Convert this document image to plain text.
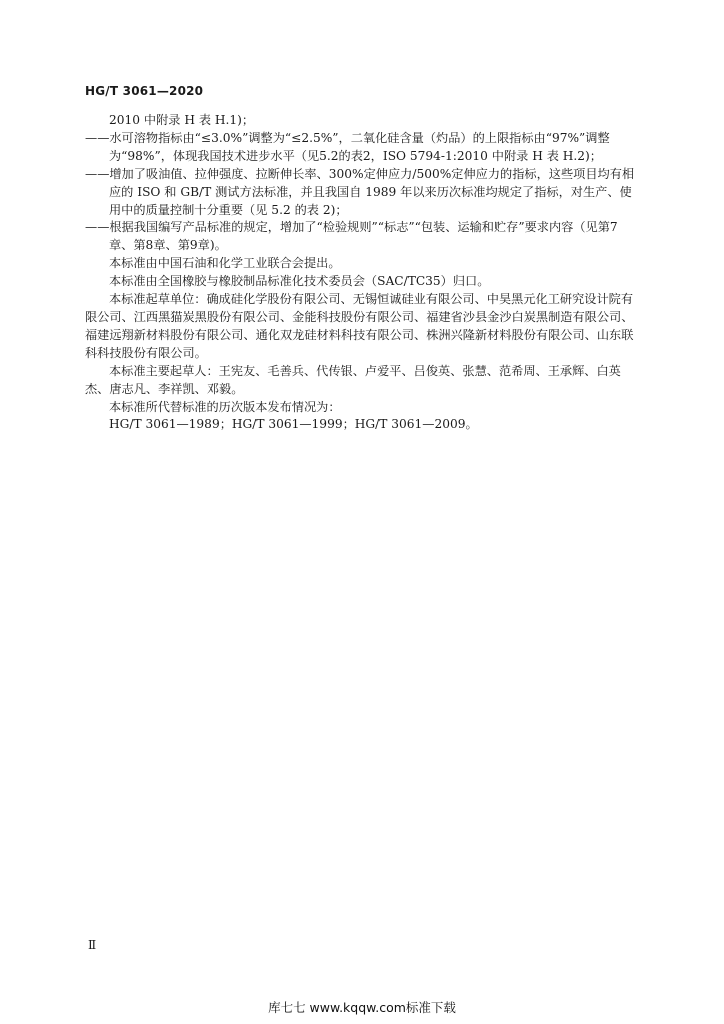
HG/T 3061—2020

2010 中附录 H 表 H.1)；

——水可溶物指标由“≤3.0%”调整为“≤2.5%”，二氧化硅含量（灼品）的上限指标由“97%”调整为“98%”，体现我国技术进步水平（见5.2的表2，ISO 5794-1:2010 中附录 H 表 H.2)；

——增加了吸油值、拉伸强度、拉断伸长率、300%定伸应力/500%定伸应力的指标，这些项目均有相应的 ISO 和 GB/T 测试方法标准，并且我国自 1989 年以来历次标准均规定了指标，对生产、使用中的质量控制十分重要（见 5.2 的表 2)；

——根据我国编写产品标准的规定，增加了“检验规则”“标志”“包装、运输和贮存”要求内容（见第7章、第8章、第9章)。

本标准由中国石油和化学工业联合会提出。

本标准由全国橡胶与橡胶制品标准化技术委员会（SAC/TC35）归口。

本标准起草单位：确成硅化学股份有限公司、无锡恒诚硅业有限公司、中昊黑元化工研究设计院有限公司、江西黑猫炭黑股份有限公司、金能科技股份有限公司、福建省沙县金沙白炭黑制造有限公司、福建远翔新材料股份有限公司、通化双龙硅材料科技有限公司、株洲兴隆新材料股份有限公司、山东联科科技股份有限公司。

本标准主要起草人：王宪友、毛善兵、代传银、卢爱平、吕俊英、张慧、范希周、王承辉、白英杰、唐志凡、李祥凯、邓毅。

本标准所代替标准的历次版本发布情况为：

HG/T 3061—1989；HG/T 3061—1999；HG/T 3061—2009。

Ⅱ
库七七 www.kqqw.com标准下载
